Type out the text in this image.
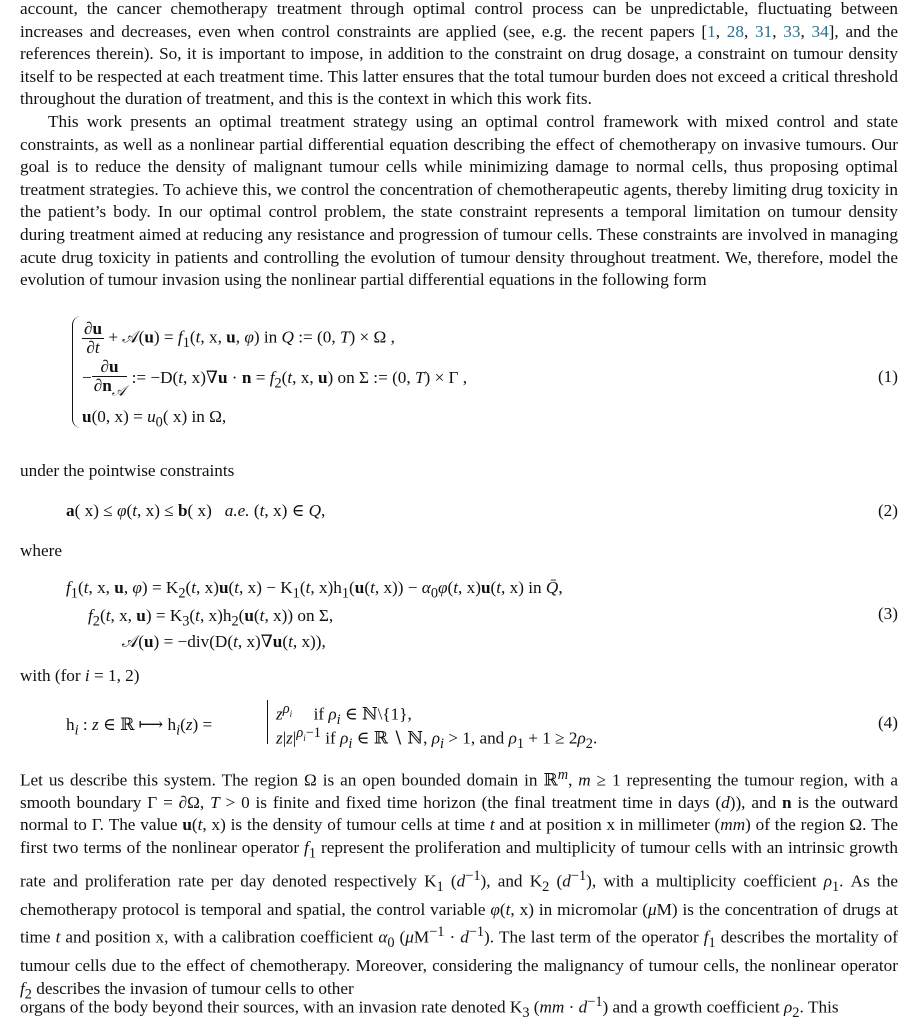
account, the cancer chemotherapy treatment through optimal control process can be unpredictable, fluctuating between increases and decreases, even when control constraints are applied (see, e.g. the recent papers [1, 28, 31, 33, 34], and the references therein). So, it is important to impose, in addition to the constraint on drug dosage, a constraint on tumour density itself to be respected at each treatment time. This latter ensures that the total tumour burden does not exceed a critical threshold throughout the duration of treatment, and this is the context in which this work fits.

This work presents an optimal treatment strategy using an optimal control framework with mixed control and state constraints, as well as a nonlinear partial differential equation describing the effect of chemotherapy on invasive tumours. Our goal is to reduce the density of malignant tumour cells while minimizing damage to normal cells, thus proposing optimal treatment strategies. To achieve this, we control the concentration of chemotherapeutic agents, thereby limiting drug toxicity in the patient’s body. In our optimal control problem, the state constraint represents a temporal limitation on tumour density during treatment aimed at reducing any resistance and progression of tumour cells. These constraints are involved in managing acute drug toxicity in patients and controlling the evolution of tumour density throughout treatment. We, therefore, model the evolution of tumour invasion using the nonlinear partial differential equations in the following form

$\frac{\partial u}{\partial t}$ + 𝒜(u) = $f_1(t$, x, u, φ) in Q := (0, T) × Ω ,
− $\frac{\partial u}{\partial n_𝒜}$ := −D(t, $x)\nabla u \cdot n = f_2(t$, x, u) on Σ := (0, T) × Γ ,
u(0, $x) = u_0$( x) in Ω,
(1)

under the pointwise constraints

a( x) ≤ φ(t, x) ≤ b( x)   a.e. (t, x) ∈ Q,	(2)

where

$f_1(t$, x, u, $\varphi) = K_2(t$, x)u(t, $x) - K_1(t$, $x)h_1(u(t$, $x)) - \alpha_0\varphi(t$, x)u(t, x) in Q̄,
$f_2(t$, x, $u) = K_3(t$, $x)h_2(u(t$, x)) on Σ,
𝒜(u) = −div(D(t, x)∇u(t, x)),
(3)

with (for i = 1, 2)

$h_i$ : z ∈ ℝ ⟼ $h_i(z)$ =
$z^{\rho_i}$     if $\rho_i$ ∈ ℕ\{1},
$z|z|^{\rho_i-1}$ if $\rho_i$ ∈ ℝ ∖ ℕ, $\rho_i > 1$, and $\rho_1 + 1 \ge 2\rho_2$.
(4)

Let us describe this system. The region Ω is an open bounded domain in ℝ$^m$, m ≥ 1 representing the tumour region, with a smooth boundary Γ = ∂Ω, T > 0 is finite and fixed time horizon (the final treatment time in days (d)), and n is the outward normal to Γ. The value u(t, x) is the density of tumour cells at time t and at position x in millimeter (mm) of the region Ω. The first two terms of the nonlinear operator $f_1$ represent the proliferation and multiplicity of tumour cells with an intrinsic growth rate and proliferation rate per day denoted respectively $K_1$ $(d^{-1})$, and $K_2$ $(d^{-1})$, with a multiplicity coefficient $\rho_1$. As the chemotherapy protocol is temporal and spatial, the control variable φ(t, x) in micromolar (μM) is the concentration of drugs at time t and position x, with a calibration coefficient $\alpha_0$ $(\mu M^{-1} \cdot d^{-1})$. The last term of the operator $f_1$ describes the mortality of tumour cells due to the effect of chemotherapy. Moreover, considering the malignancy of tumour cells, the nonlinear operator $f_2$ describes the invasion of tumour cells to other

organs of the body beyond their sources, with an invasion rate denoted $K_3$ $(mm \cdot d^{-1})$ and a growth coefficient $\rho_2$. This
